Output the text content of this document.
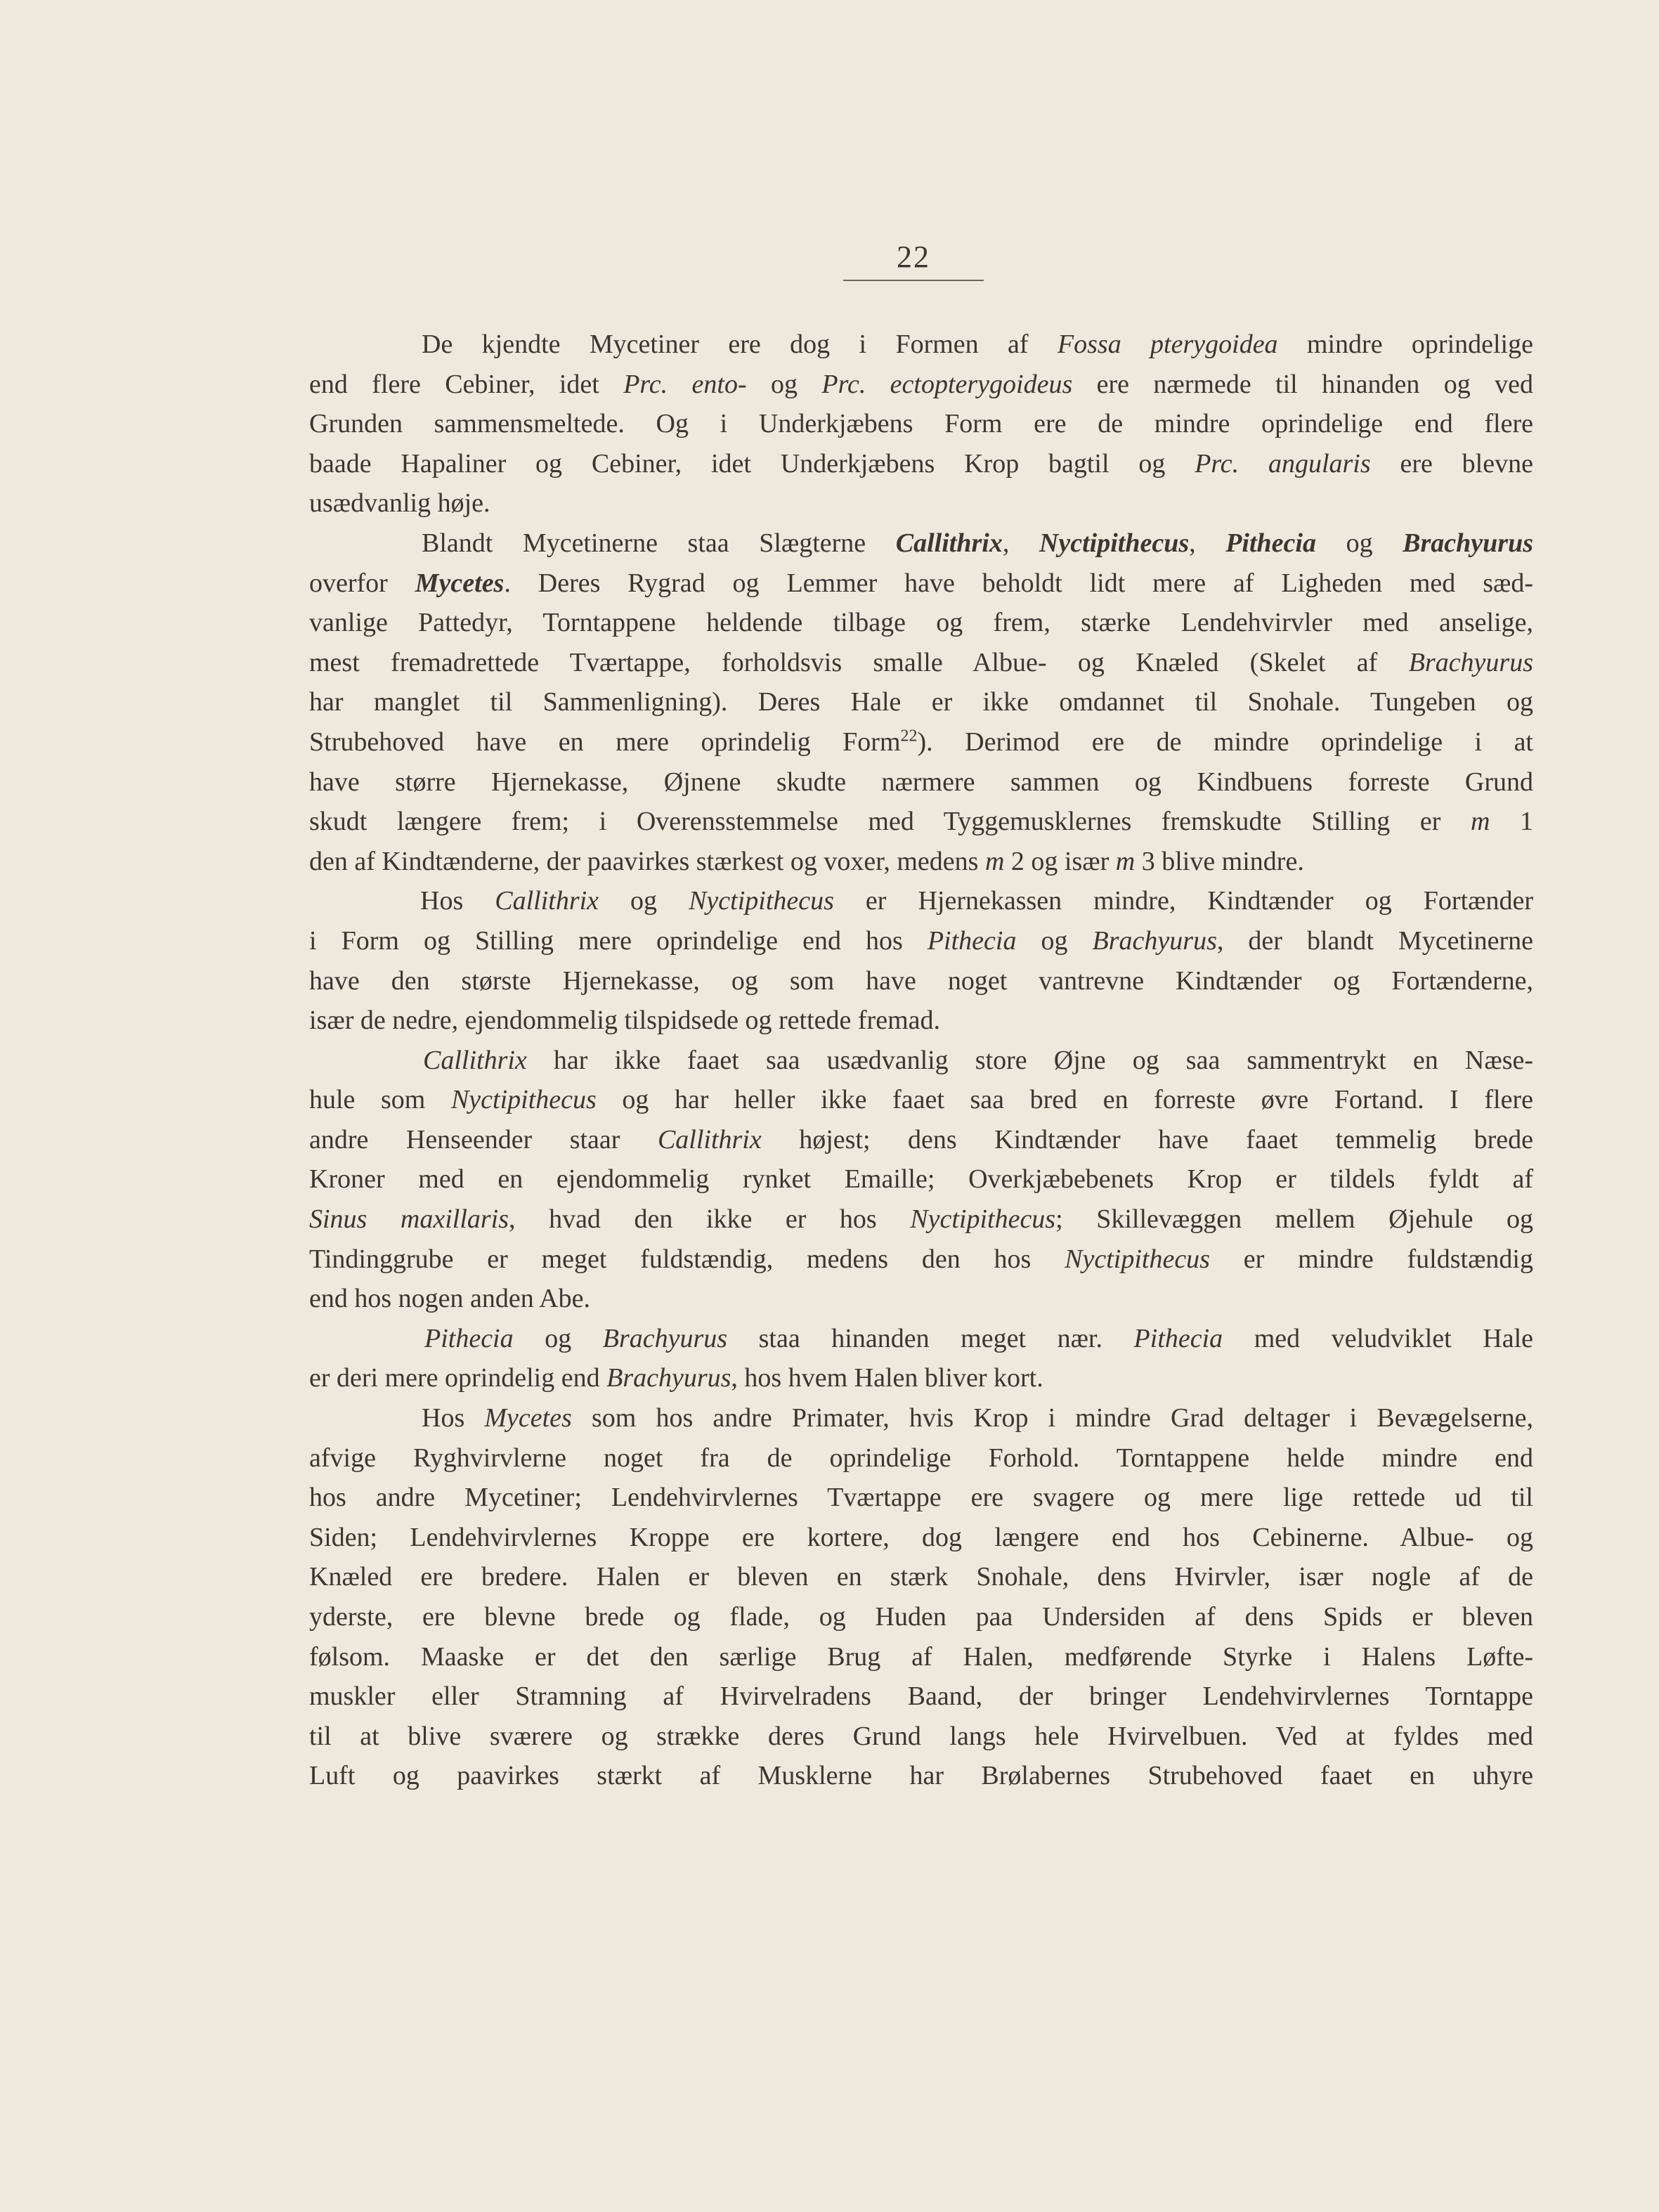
22
De kjendte Mycetiner ere dog i Formen af Fossa pterygoidea mindre oprindelige
end flere Cebiner, idet Prc. ento- og Prc. ectopterygoideus ere nærmede til hinanden og ved
Grunden sammensmeltede. Og i Underkjæbens Form ere de mindre oprindelige end flere
baade Hapaliner og Cebiner, idet Underkjæbens Krop bagtil og Prc. angularis ere blevne
usædvanlig høje.
Blandt Mycetinerne staa Slægterne Callithrix, Nyctipithecus, Pithecia og Brachyurus
overfor Mycetes. Deres Rygrad og Lemmer have beholdt lidt mere af Ligheden med sæd-
vanlige Pattedyr, Torntappene heldende tilbage og frem, stærke Lendehvirvler med anselige,
mest fremadrettede Tværtappe, forholdsvis smalle Albue- og Knæled (Skelet af Brachyurus
har manglet til Sammenligning). Deres Hale er ikke omdannet til Snohale. Tungeben og
Strubehoved have en mere oprindelig Form$^{22}$). Derimod ere de mindre oprindelige i at
have større Hjernekasse, Øjnene skudte nærmere sammen og Kindbuens forreste Grund
skudt længere frem; i Overensstemmelse med Tyggemusklernes fremskudte Stilling er m 1
den af Kindtænderne, der paavirkes stærkest og voxer, medens m 2 og især m 3 blive mindre.
Hos Callithrix og Nyctipithecus er Hjernekassen mindre, Kindtænder og Fortænder
i Form og Stilling mere oprindelige end hos Pithecia og Brachyurus, der blandt Mycetinerne
have den største Hjernekasse, og som have noget vantrevne Kindtænder og Fortænderne,
især de nedre, ejendommelig tilspidsede og rettede fremad.
Callithrix har ikke faaet saa usædvanlig store Øjne og saa sammentrykt en Næse-
hule som Nyctipithecus og har heller ikke faaet saa bred en forreste øvre Fortand. I flere
andre Henseender staar Callithrix højest; dens Kindtænder have faaet temmelig brede
Kroner med en ejendommelig rynket Emaille; Overkjæbebenets Krop er tildels fyldt af
Sinus maxillaris, hvad den ikke er hos Nyctipithecus; Skillevæggen mellem Øjehule og
Tindinggrube er meget fuldstændig, medens den hos Nyctipithecus er mindre fuldstændig
end hos nogen anden Abe.
Pithecia og Brachyurus staa hinanden meget nær. Pithecia med veludviklet Hale
er deri mere oprindelig end Brachyurus, hos hvem Halen bliver kort.
Hos Mycetes som hos andre Primater, hvis Krop i mindre Grad deltager i Bevægelserne,
afvige Ryghvirvlerne noget fra de oprindelige Forhold. Torntappene helde mindre end
hos andre Mycetiner; Lendehvirvlernes Tværtappe ere svagere og mere lige rettede ud til
Siden; Lendehvirvlernes Kroppe ere kortere, dog længere end hos Cebinerne. Albue- og
Knæled ere bredere. Halen er bleven en stærk Snohale, dens Hvirvler, især nogle af de
yderste, ere blevne brede og flade, og Huden paa Undersiden af dens Spids er bleven
følsom. Maaske er det den særlige Brug af Halen, medførende Styrke i Halens Løfte-
muskler eller Stramning af Hvirvelradens Baand, der bringer Lendehvirvlernes Torntappe
til at blive sværere og strække deres Grund langs hele Hvirvelbuen. Ved at fyldes med
Luft og paavirkes stærkt af Musklerne har Brølabernes Strubehoved faaet en uhyre
